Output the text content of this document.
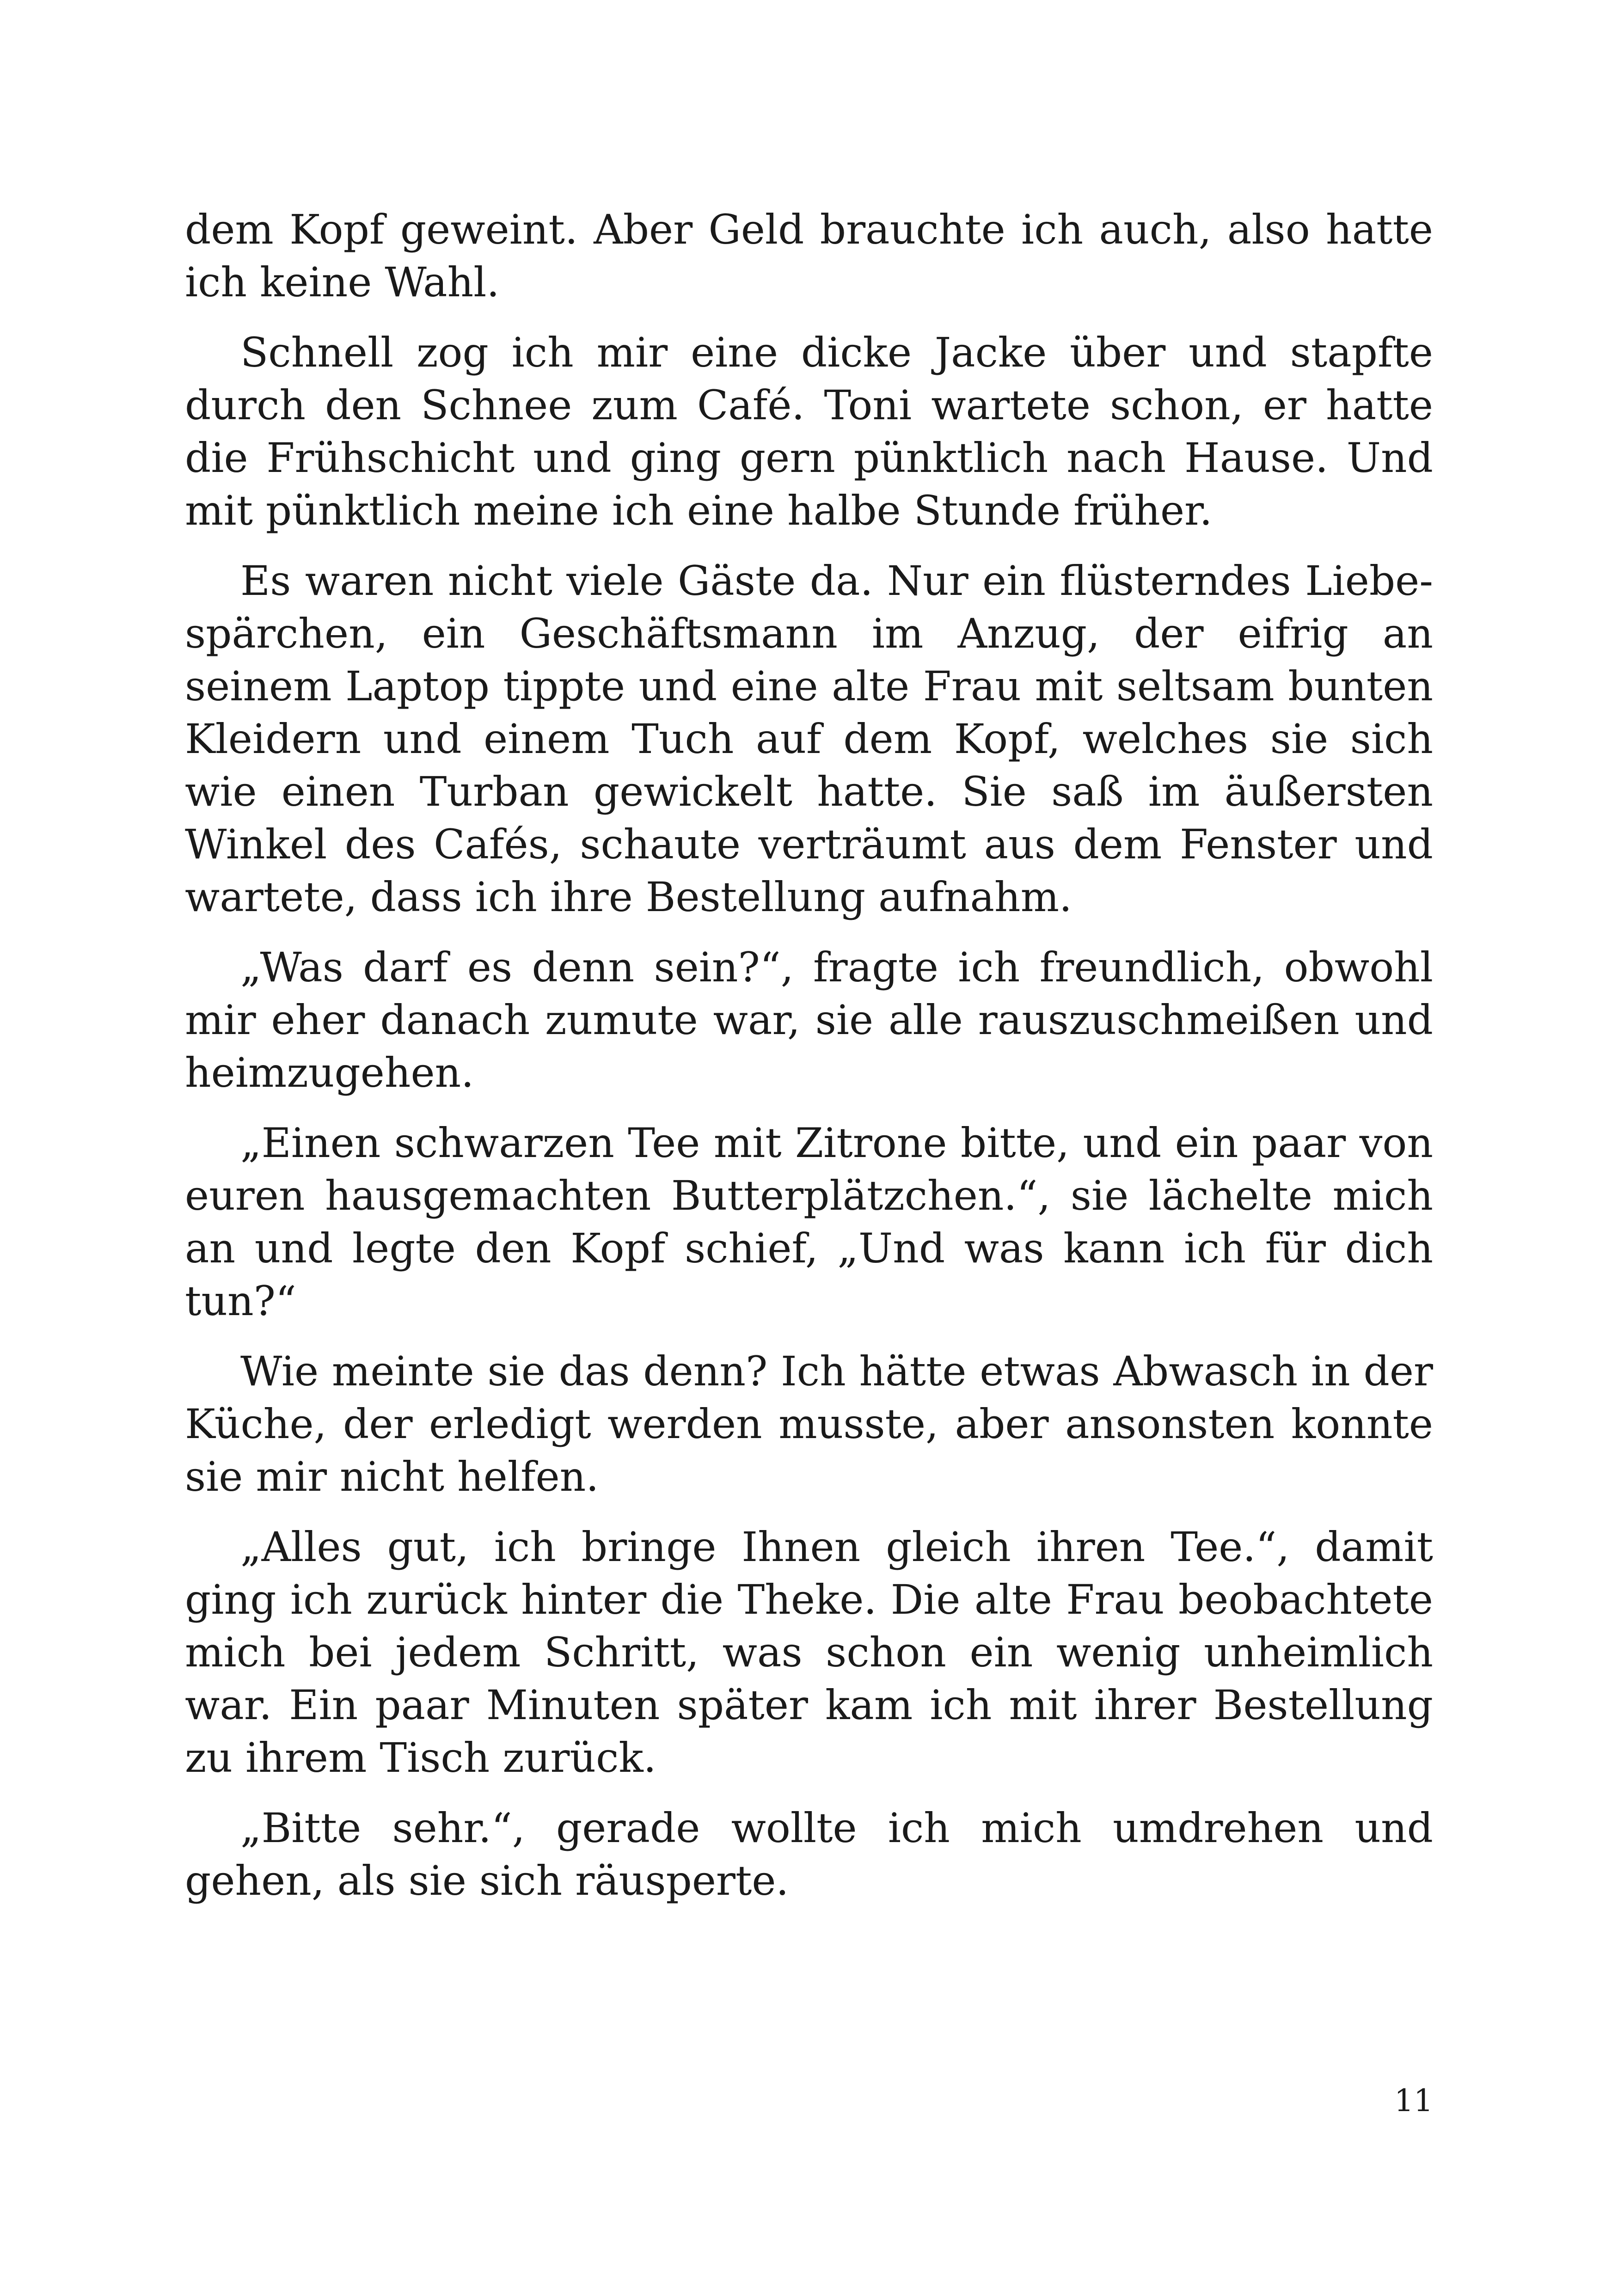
dem Kopf geweint. Aber Geld brauchte ich auch, also hatte ich keine Wahl.

Schnell zog ich mir eine dicke Jacke über und stapfte durch den Schnee zum Café. Toni wartete schon, er hatte die Frühschicht und ging gern pünktlich nach Hause. Und mit pünktlich meine ich eine halbe Stunde früher.

Es waren nicht viele Gäste da. Nur ein flüsterndes Liebespärchen, ein Geschäftsmann im Anzug, der eifrig an seinem Laptop tippte und eine alte Frau mit seltsam bunten Kleidern und einem Tuch auf dem Kopf, welches sie sich wie einen Turban gewickelt hatte. Sie saß im äußersten Winkel des Cafés, schaute verträumt aus dem Fenster und wartete, dass ich ihre Bestellung aufnahm.

„Was darf es denn sein?“, fragte ich freundlich, obwohl mir eher danach zumute war, sie alle rauszuschmeißen und heimzugehen.

„Einen schwarzen Tee mit Zitrone bitte, und ein paar von euren hausgemachten Butterplätzchen.“, sie lächelte mich an und legte den Kopf schief, „Und was kann ich für dich tun?“

Wie meinte sie das denn? Ich hätte etwas Abwasch in der Küche, der erledigt werden musste, aber ansonsten konnte sie mir nicht helfen.

„Alles gut, ich bringe Ihnen gleich ihren Tee.“, damit ging ich zurück hinter die Theke. Die alte Frau beobachtete mich bei jedem Schritt, was schon ein wenig unheimlich war. Ein paar Minuten später kam ich mit ihrer Bestellung zu ihrem Tisch zurück.

„Bitte sehr.“, gerade wollte ich mich umdrehen und gehen, als sie sich räusperte.

11
